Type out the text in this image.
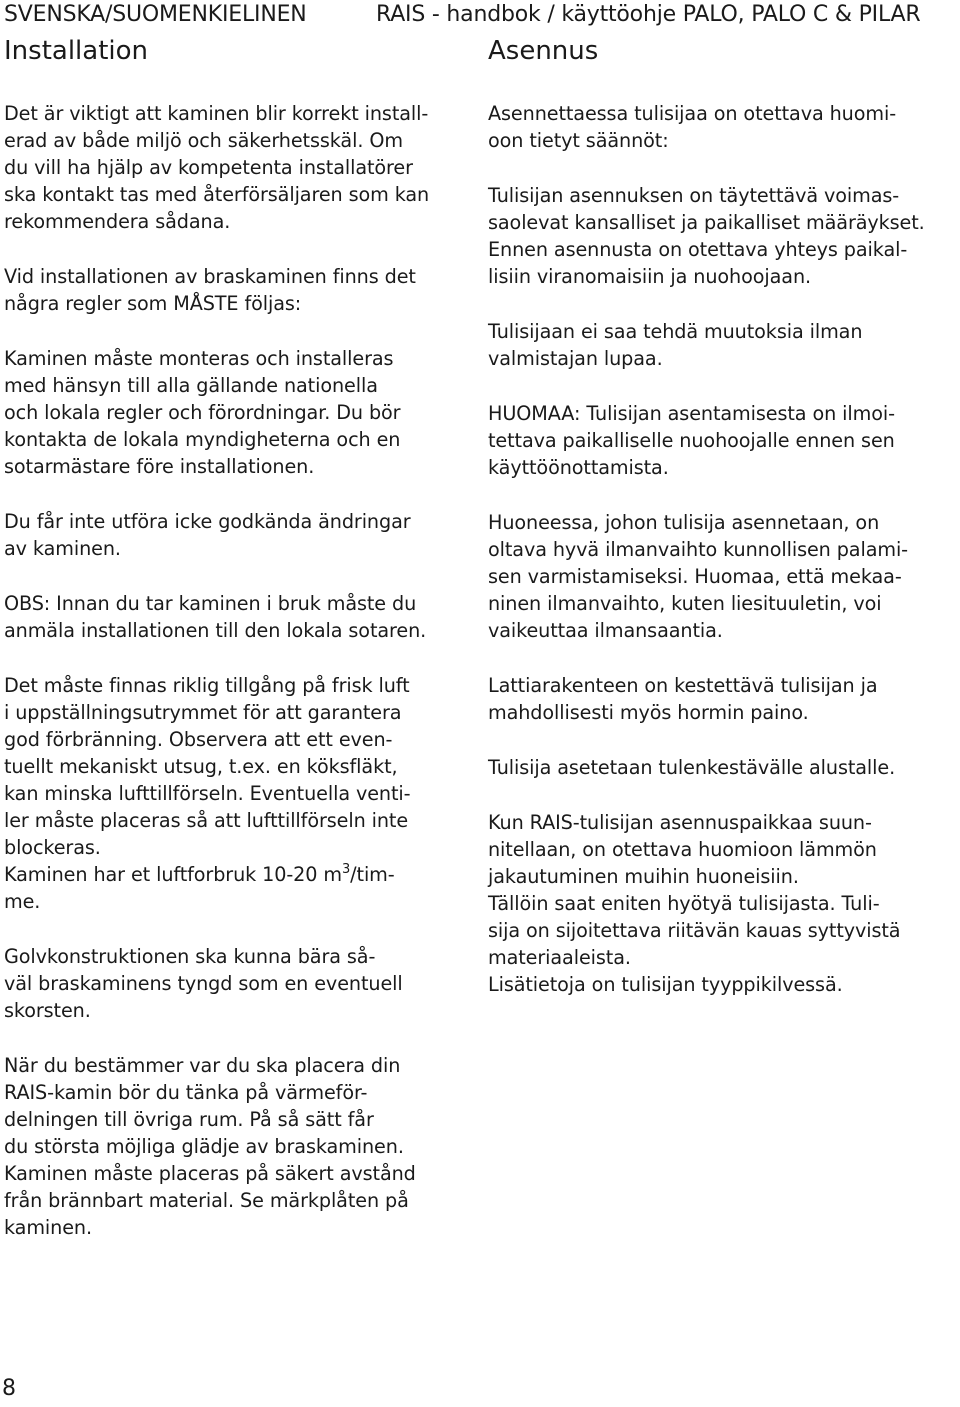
SVENSKA/SUOMENKIELINEN	RAIS - handbok / käyttöohje PALO, PALO C & PILAR
Installation	Asennus

Det är viktigt att kaminen blir korrekt install-
erad av både miljö och säkerhetsskäl. Om
du vill ha hjälp av kompetenta installatörer
ska kontakt tas med återförsäljaren som kan
rekommendera sådana.

Vid installationen av braskaminen finns det
några regler som MÅSTE följas:

Kaminen måste monteras och installeras
med hänsyn till alla gällande nationella
och lokala regler och förordningar. Du bör
kontakta de lokala myndigheterna och en
sotarmästare före installationen.

Du får inte utföra icke godkända ändringar
av kaminen.

OBS: Innan du tar kaminen i bruk måste du
anmäla installationen till den lokala sotaren.

Det måste finnas riklig tillgång på frisk luft
i uppställningsutrymmet för att garantera
god förbränning. Observera att ett even-
tuellt mekaniskt utsug, t.ex. en köksfläkt,
kan minska lufttillförseln. Eventuella venti-
ler måste placeras så att lufttillförseln inte
blockeras.

Kaminen har et luftforbruk 10-20 $m^3/tim-$
me.

Golvkonstruktionen ska kunna bära så-
väl braskaminens tyngd som en eventuell
skorsten.

När du bestämmer var du ska placera din
RAIS-kamin bör du tänka på värmeför-
delningen till övriga rum. På så sätt får
du största möjliga glädje av braskaminen.
Kaminen måste placeras på säkert avstånd
från brännbart material. Se märkplåten på
kaminen.

Asennettaessa tulisijaa on otettava huomi-
oon tietyt säännöt:

Tulisijan asennuksen on täytettävä voimas-
saolevat kansalliset ja paikalliset määräykset.
Ennen asennusta on otettava yhteys paikal-
lisiin viranomaisiin ja nuohoojaan.

Tulisijaan ei saa tehdä muutoksia ilman
valmistajan lupaa.

HUOMAA: Tulisijan asentamisesta on ilmoi-
tettava paikalliselle nuohoojalle ennen sen
käyttöönottamista.

Huoneessa, johon tulisija asennetaan, on
oltava hyvä ilmanvaihto kunnollisen palami-
sen varmistamiseksi. Huomaa, että mekaa-
ninen ilmanvaihto, kuten liesituuletin, voi
vaikeuttaa ilmansaantia.

Lattiarakenteen on kestettävä tulisijan ja
mahdollisesti myös hormin paino.

Tulisija asetetaan tulenkestävälle alustalle.

Kun RAIS-tulisijan asennuspaikkaa suun-
nitellaan, on otettava huomioon lämmön
jakautuminen muihin huoneisiin.
Tällöin saat eniten hyötyä tulisijasta. Tuli-
sija on sijoitettava riitävän kauas syttyvistä
materiaaleista.
Lisätietoja on tulisijan tyyppikilvessä.

8
